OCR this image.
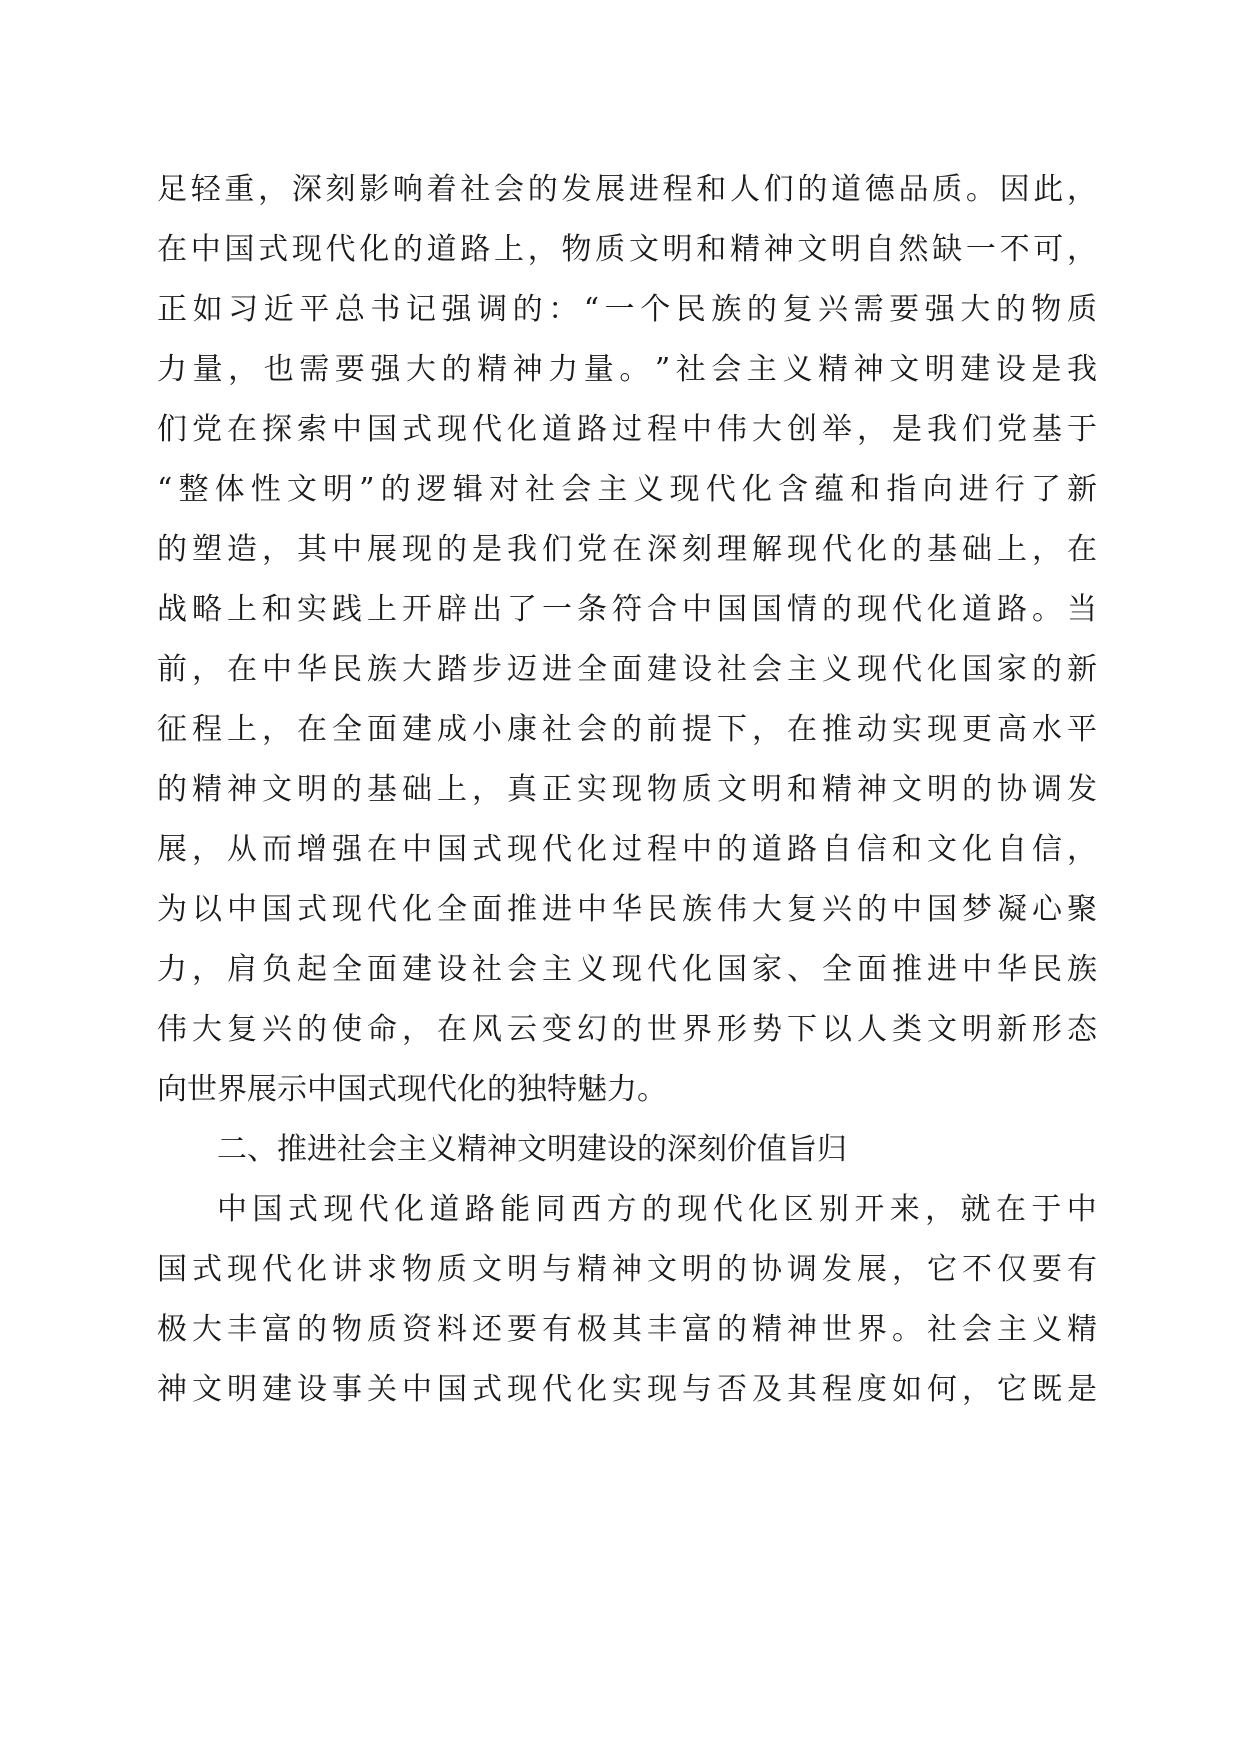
足 轻 重 ， 深 刻 影 响 着 社 会 的 发 展 进 程 和 人 们 的 道 德 品 质 。 因 此 ，
在 中 国 式 现 代 化 的 道 路 上 ， 物 质 文 明 和 精 神 文 明 自 然 缺 一 不 可 ，
正 如 习 近 平 总 书 记 强 调 的 ： “ 一 个 民 族 的 复 兴 需 要 强 大 的 物 质
力 量 ， 也 需 要 强 大 的 精 神 力 量 。 ” 社 会 主 义 精 神 文 明 建 设 是 我
们 党 在 探 索 中 国 式 现 代 化 道 路 过 程 中 伟 大 创 举 ， 是 我 们 党 基 于
“ 整 体 性 文 明 ” 的 逻 辑 对 社 会 主 义 现 代 化 含 蕴 和 指 向 进 行 了 新
的 塑 造 ， 其 中 展 现 的 是 我 们 党 在 深 刻 理 解 现 代 化 的 基 础 上 ， 在
战 略 上 和 实 践 上 开 辟 出 了 一 条 符 合 中 国 国 情 的 现 代 化 道 路 。 当
前 ， 在 中 华 民 族 大 踏 步 迈 进 全 面 建 设 社 会 主 义 现 代 化 国 家 的 新
征 程 上 ， 在 全 面 建 成 小 康 社 会 的 前 提 下 ， 在 推 动 实 现 更 高 水 平
的 精 神 文 明 的 基 础 上 ， 真 正 实 现 物 质 文 明 和 精 神 文 明 的 协 调 发
展 ， 从 而 增 强 在 中 国 式 现 代 化 过 程 中 的 道 路 自 信 和 文 化 自 信 ，
为 以 中 国 式 现 代 化 全 面 推 进 中 华 民 族 伟 大 复 兴 的 中 国 梦 凝 心 聚
力 ， 肩 负 起 全 面 建 设 社 会 主 义 现 代 化 国 家 、 全 面 推 进 中 华 民 族
伟 大 复 兴 的 使 命 ， 在 风 云 变 幻 的 世 界 形 势 下 以 人 类 文 明 新 形 态
向世界展示中国式现代化的独特魅力。
二、推进社会主义精神文明建设的深刻价值旨归
中 国 式 现 代 化 道 路 能 同 西 方 的 现 代 化 区 别 开 来 ， 就 在 于 中
国 式 现 代 化 讲 求 物 质 文 明 与 精 神 文 明 的 协 调 发 展 ， 它 不 仅 要 有
极 大 丰 富 的 物 质 资 料 还 要 有 极 其 丰 富 的 精 神 世 界 。 社 会 主 义 精
神 文 明 建 设 事 关 中 国 式 现 代 化 实 现 与 否 及 其 程 度 如 何 ， 它 既 是
